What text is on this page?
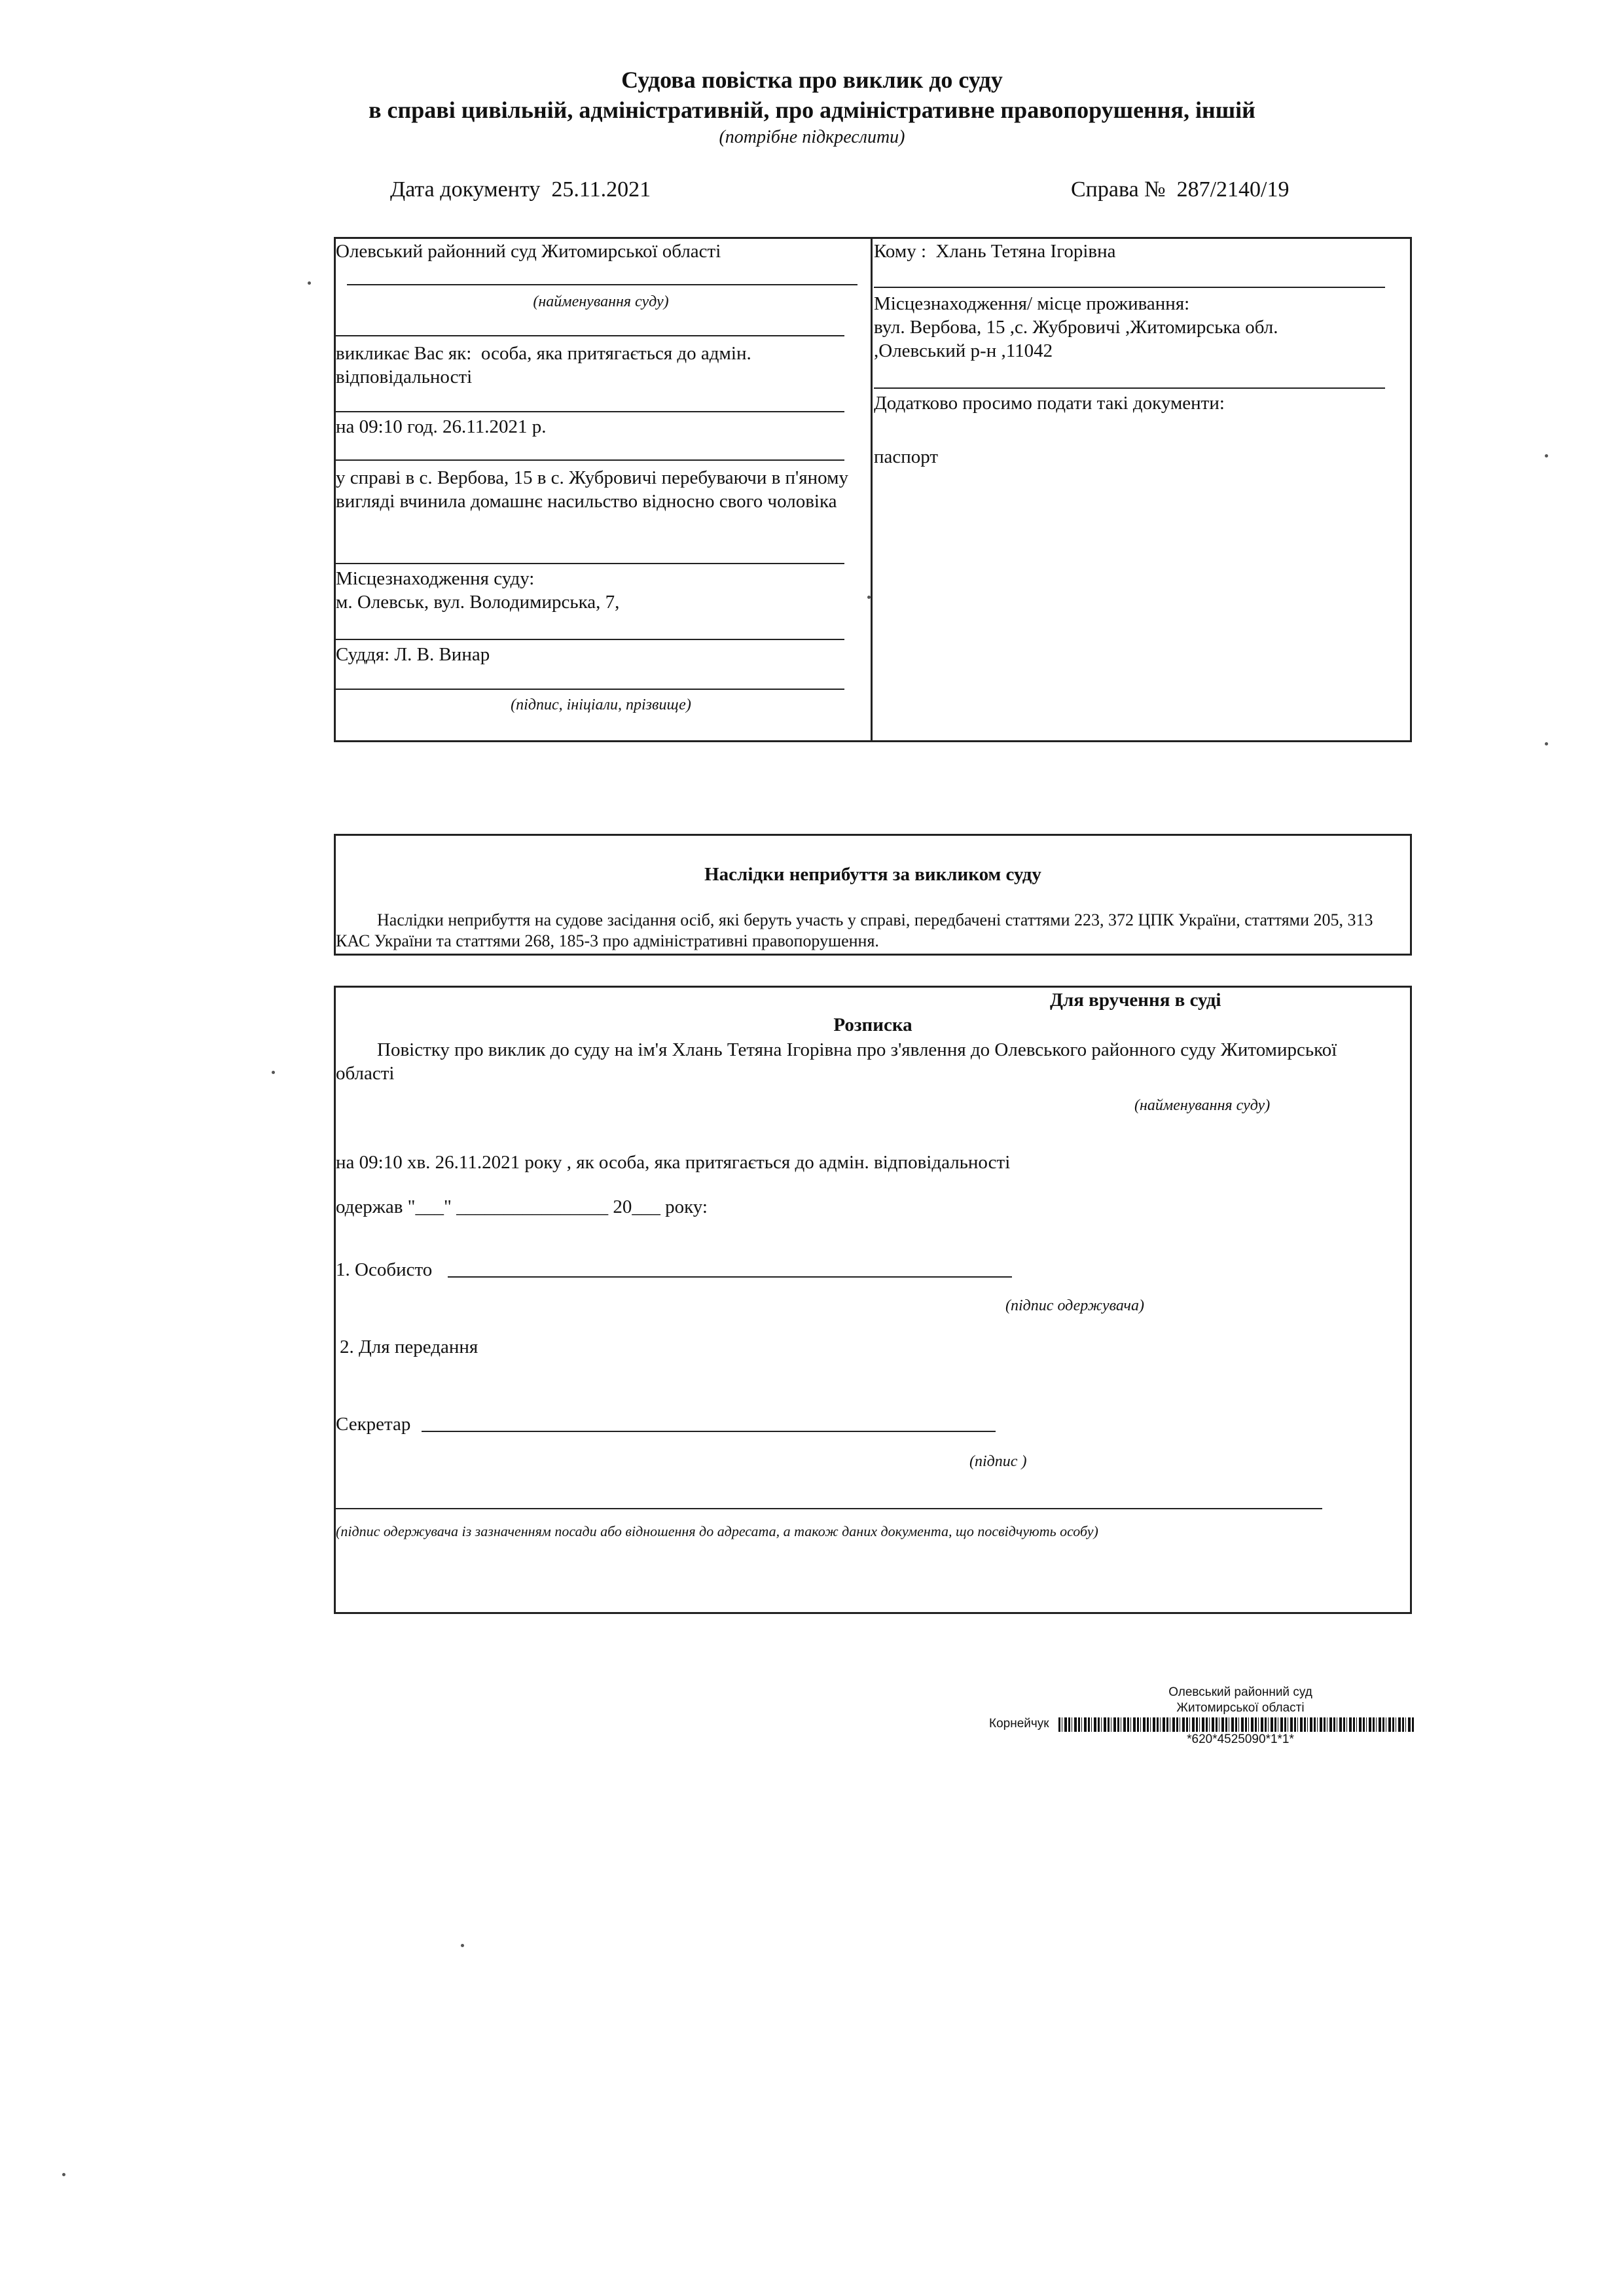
Судова повістка про виклик до суду
в справі цивільній, адміністративній, про адміністративне правопорушення, іншій
(потрібне підкреслити)
Дата документу 25.11.2021	Справа № 287/2140/19
Олевський районний суд Житомирської області
(найменування суду)
викликає Вас як: особа, яка притягається до адмін. відповідальності
на 09:10 год. 26.11.2021 р.
у справі в с. Вербова, 15 в с. Жубровичі перебуваючи в п'яному вигляді вчинила домашнє насильство відносно свого чоловіка
Місцезнаходження суду:
м. Олевськ, вул. Володимирська, 7,
Суддя: Л. В. Винар
(підпис, ініціали, прізвище)
Кому : Хлань Тетяна Ігорівна
Місцезнаходження/ місце проживання:
вул. Вербова, 15 ,с. Жубровичі ,Житомирська обл.
,Олевський р-н ,11042
Додатково просимо подати такі документи:
паспорт
Наслідки неприбуття за викликом суду
Наслідки неприбуття на судове засідання осіб, які беруть участь у справі, передбачені статтями 223, 372 ЦПК України, статтями 205, 313 КАС України та статтями 268, 185-3 про адміністративні правопорушення.
Для вручення в суді
Розписка
Повістку про виклик до суду на ім'я Хлань Тетяна Ігорівна про з'явлення до Олевського районного суду Житомирської області
(найменування суду)
на 09:10 хв. 26.11.2021 року , як особа, яка притягається до адмін. відповідальності
одержав "___" ________________ 20___ року:
1. Особисто
(підпис одержувача)
2. Для передання
Секретар
(підпис )
(підпис одержувача із зазначенням посади або відношення до адресата, а також даних документа, що посвідчують особу)
Олевський районний суд
Житомирської області
Корнейчук
*620*4525090*1*1*
